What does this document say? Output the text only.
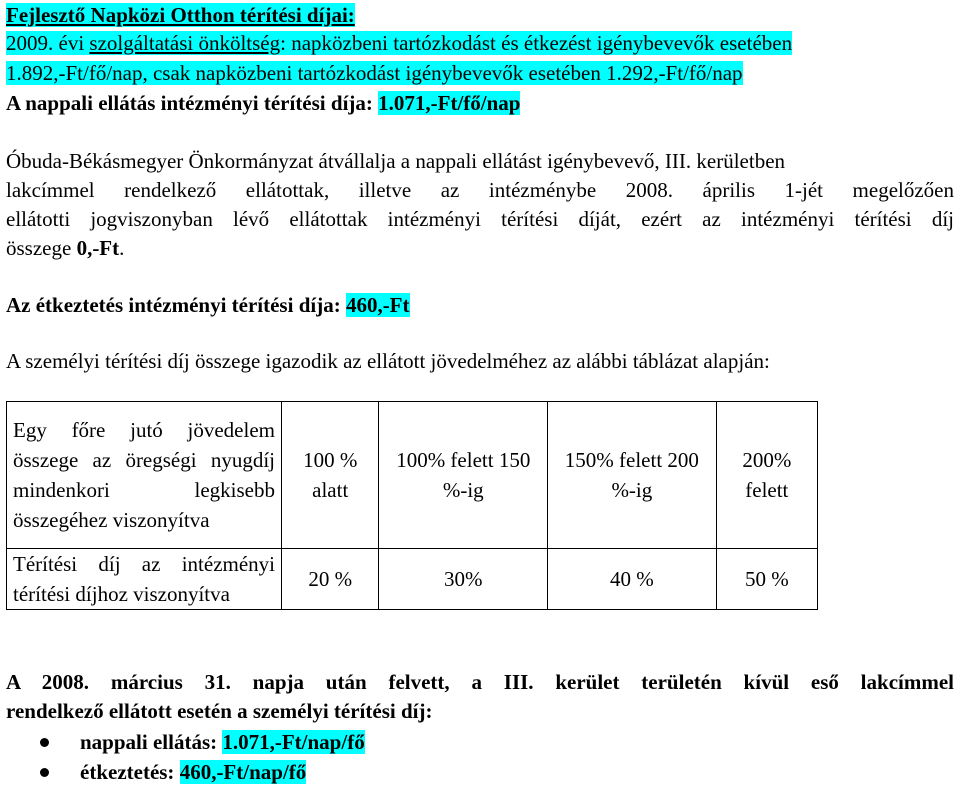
Fejlesztő Napközi Otthon térítési díjai:
2009. évi szolgáltatási önköltség: napközbeni tartózkodást és étkezést igénybevevők esetében
1.892,-Ft/fő/nap, csak napközbeni tartózkodást igénybevevők esetében 1.292,-Ft/fő/nap
A nappali ellátás intézményi térítési díja: 1.071,-Ft/fő/nap
Óbuda-Békásmegyer Önkormányzat átvállalja a nappali ellátást igénybevevő, III. kerületben
lakcímmel rendelkező ellátottak, illetve az intézménybe 2008. április 1-jét megelőzően
ellátotti jogviszonyban lévő ellátottak intézményi térítési díját, ezért az intézményi térítési díj
összege 0,-Ft.
Az étkeztetés intézményi térítési díja: 460,-Ft
A személyi térítési díj összege igazodik az ellátott jövedelméhez az alábbi táblázat alapján:
Egy főre jutó jövedelem összege az öregségi nyugdíj mindenkori legkisebb összegéhez viszonyítva	100 % alatt	100% felett 150 %-ig	150% felett 200 %-ig	200% felett
Térítési díj az intézményi térítési díjhoz viszonyítva	20 %	30%	40 %	50 %
A 2008. március 31. napja után felvett, a III. kerület területén kívül eső lakcímmel
rendelkező ellátott esetén a személyi térítési díj:
nappali ellátás: 1.071,-Ft/nap/fő
étkeztetés: 460,-Ft/nap/fő
